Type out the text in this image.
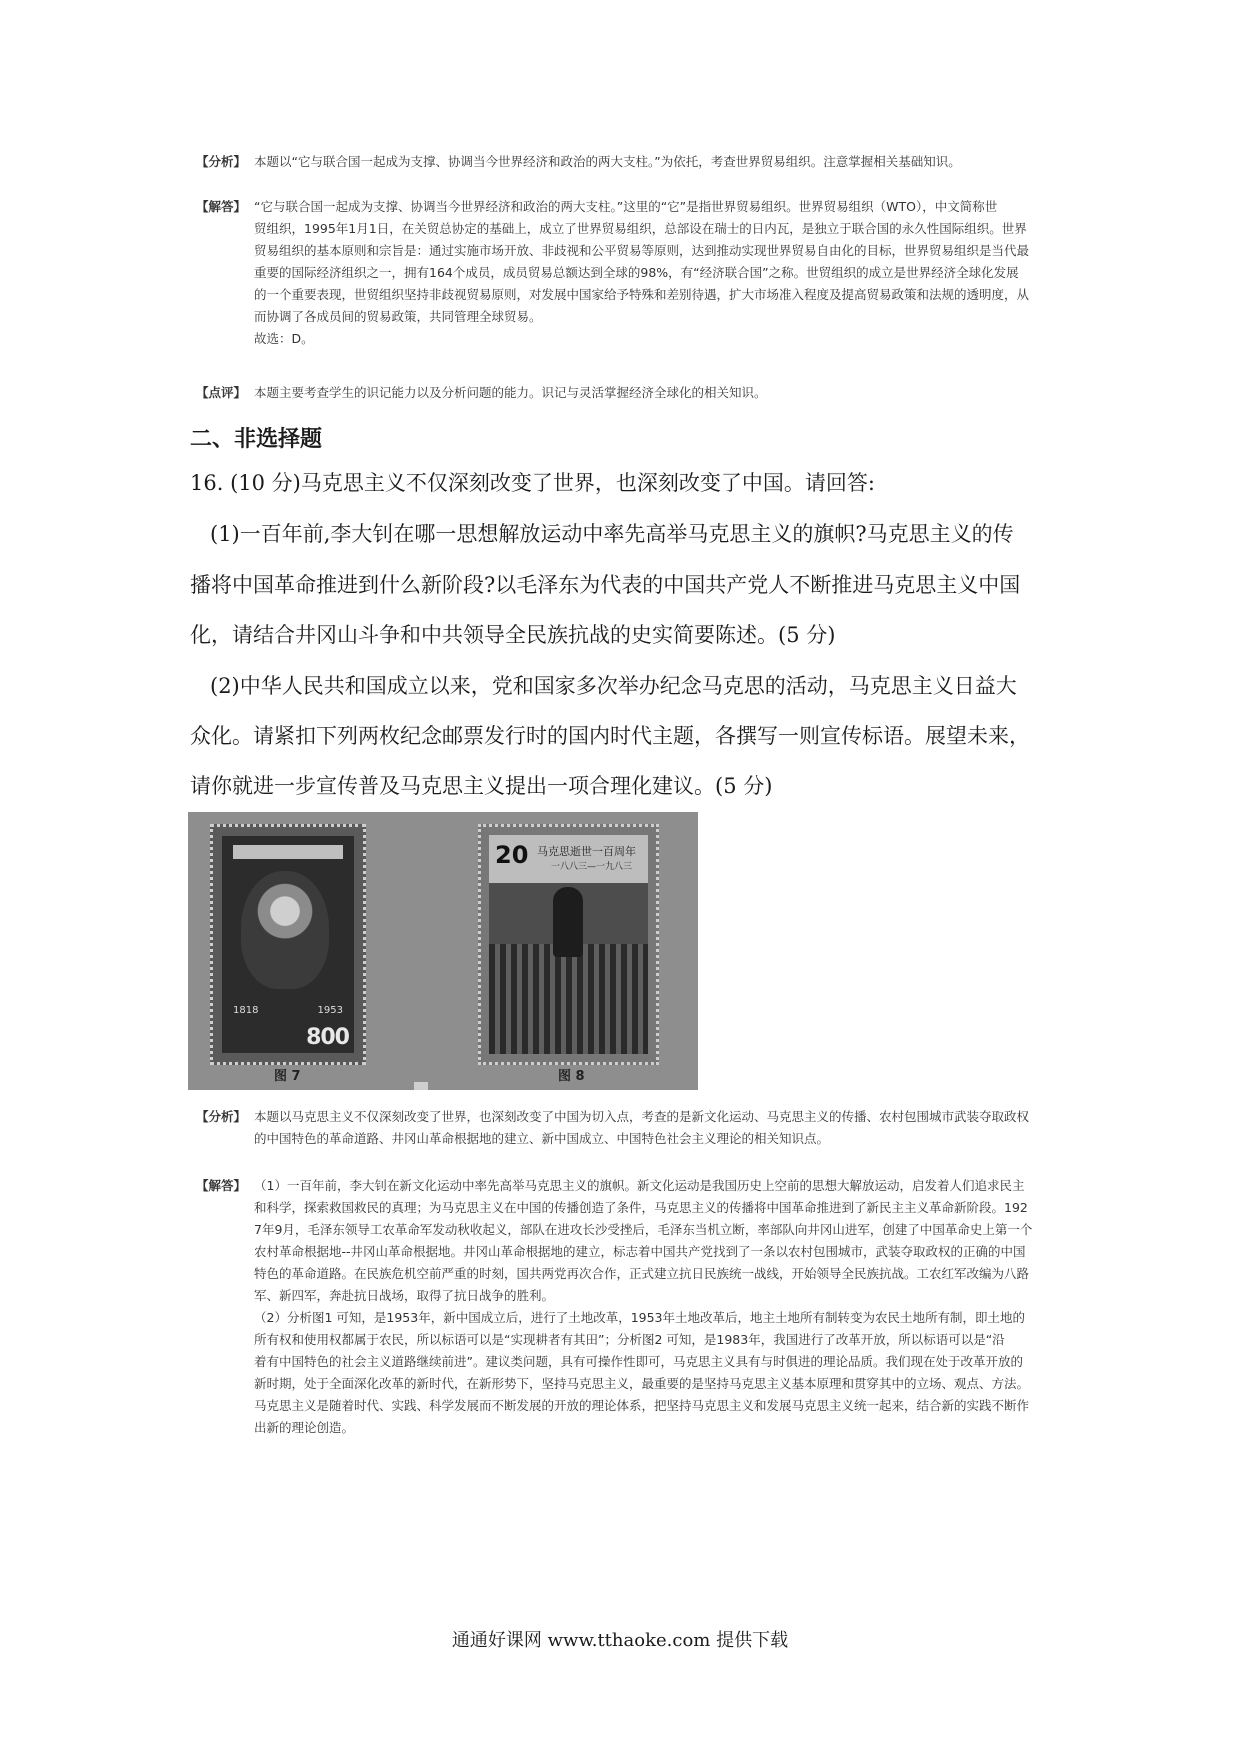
【分析】 本题以“它与联合国一起成为支撑、协调当今世界经济和政治的两大支柱。”为依托，考查世界贸易组织。注意掌握相关基础知识。
【解答】 “它与联合国一起成为支撑、协调当今世界经济和政治的两大支柱。”这里的“它”是指世界贸易组织。世界贸易组织（WTO），中文简称世
贸组织，1995年1月1日，在关贸总协定的基础上，成立了世界贸易组织，总部设在瑞士的日内瓦，是独立于联合国的永久性国际组织。世界
贸易组织的基本原则和宗旨是：通过实施市场开放、非歧视和公平贸易等原则，达到推动实现世界贸易自由化的目标，世界贸易组织是当代最
重要的国际经济组织之一，拥有164个成员，成员贸易总额达到全球的98%，有“经济联合国”之称。世贸组织的成立是世界经济全球化发展
的一个重要表现，世贸组织坚持非歧视贸易原则，对发展中国家给予特殊和差别待遇，扩大市场准入程度及提高贸易政策和法规的透明度，从
而协调了各成员间的贸易政策，共同管理全球贸易。
故选：D。
【点评】 本题主要考查学生的识记能力以及分析问题的能力。识记与灵活掌握经济全球化的相关知识。
二、非选择题
16. (10 分)马克思主义不仅深刻改变了世界，也深刻改变了中国。请回答:
(1)一百年前,李大钊在哪一思想解放运动中率先高举马克思主义的旗帜?马克思主义的传
播将中国革命推进到什么新阶段?以毛泽东为代表的中国共产党人不断推进马克思主义中国
化，请结合井冈山斗争和中共领导全民族抗战的史实简要陈述。(5 分)
(2)中华人民共和国成立以来，党和国家多次举办纪念马克思的活动，马克思主义日益大
众化。请紧扣下列两枚纪念邮票发行时的国内时代主题，各撰写一则宣传标语。展望未来，
请你就进一步宣传普及马克思主义提出一项合理化建议。(5 分)
1818	1953
800
20 马克思逝世一百周年
一八八三—一九八三
图 7	图 8
【分析】 本题以马克思主义不仅深刻改变了世界，也深刻改变了中国为切入点，考查的是新文化运动、马克思主义的传播、农村包围城市武装夺取政权
的中国特色的革命道路、井冈山革命根据地的建立、新中国成立、中国特色社会主义理论的相关知识点。
【解答】 （1）一百年前，李大钊在新文化运动中率先高举马克思主义的旗帜。新文化运动是我国历史上空前的思想大解放运动，启发着人们追求民主
和科学，探索救国救民的真理；为马克思主义在中国的传播创造了条件，马克思主义的传播将中国革命推进到了新民主主义革命新阶段。192
7年9月，毛泽东领导工农革命军发动秋收起义，部队在进攻长沙受挫后，毛泽东当机立断，率部队向井冈山进军，创建了中国革命史上第一个
农村革命根据地--井冈山革命根据地。井冈山革命根据地的建立，标志着中国共产党找到了一条以农村包围城市，武装夺取政权的正确的中国
特色的革命道路。在民族危机空前严重的时刻，国共两党再次合作，正式建立抗日民族统一战线，开始领导全民族抗战。工农红军改编为八路
军、新四军，奔赴抗日战场，取得了抗日战争的胜利。
（2）分析图1 可知，是1953年，新中国成立后，进行了土地改革，1953年土地改革后，地主土地所有制转变为农民土地所有制，即土地的
所有权和使用权都属于农民，所以标语可以是“实现耕者有其田”；分析图2 可知，是1983年，我国进行了改革开放，所以标语可以是“沿
着有中国特色的社会主义道路继续前进”。建议类问题，具有可操作性即可，马克思主义具有与时俱进的理论品质。我们现在处于改革开放的
新时期，处于全面深化改革的新时代，在新形势下，坚持马克思主义，最重要的是坚持马克思主义基本原理和贯穿其中的立场、观点、方法。
马克思主义是随着时代、实践、科学发展而不断发展的开放的理论体系，把坚持马克思主义和发展马克思主义统一起来，结合新的实践不断作
出新的理论创造。
通通好课网 www.tthaoke.com 提供下载
